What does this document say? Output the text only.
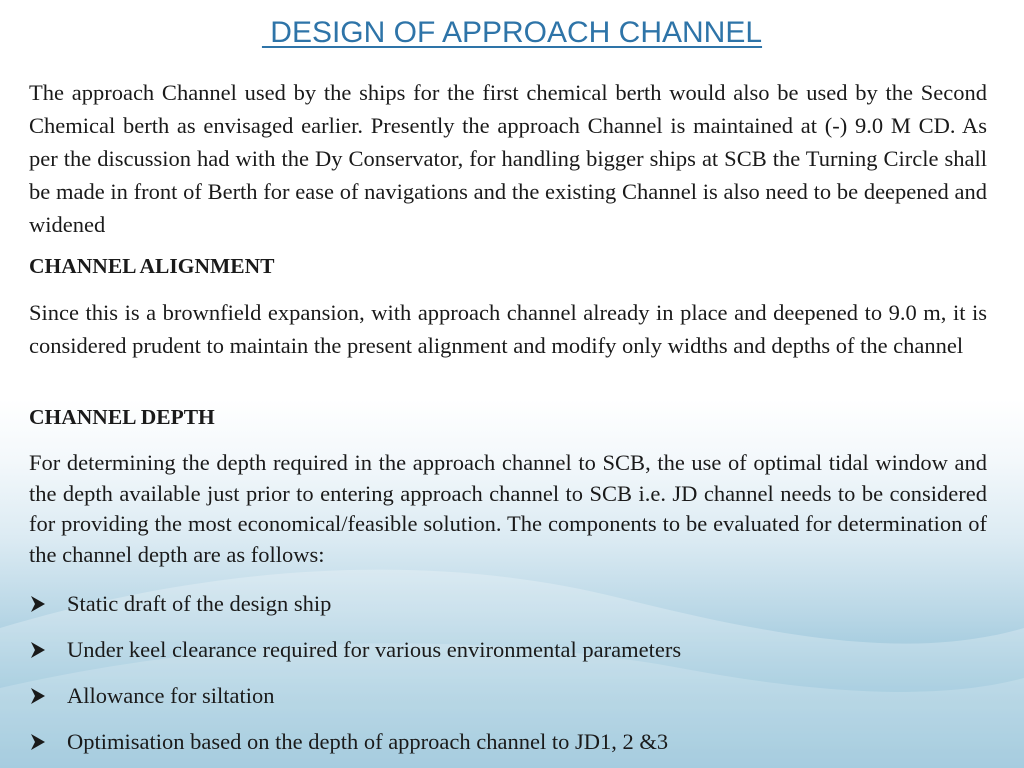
DESIGN OF APPROACH CHANNEL

The approach Channel used by the ships for the first chemical berth would also be used by the Second Chemical berth as envisaged earlier. Presently the approach Channel is maintained at (-) 9.0 M CD. As per the discussion had with the Dy Conservator, for handling bigger ships at SCB the Turning Circle shall be made in front of Berth for ease of navigations and the existing Channel is also need to be deepened and widened

CHANNEL ALIGNMENT

Since this is a brownfield expansion, with approach channel already in place and deepened to 9.0 m, it is considered prudent to maintain the present alignment and modify only widths and depths of the channel

CHANNEL DEPTH

For determining the depth required in the approach channel to SCB, the use of optimal tidal window and the depth available just prior to entering approach channel to SCB i.e. JD channel needs to be considered for providing the most economical/feasible solution. The components to be evaluated for determination of the channel depth are as follows:

Static draft of the design ship
Under keel clearance required for various environmental parameters
Allowance for siltation
Optimisation based on the depth of approach channel to JD1, 2 &3
